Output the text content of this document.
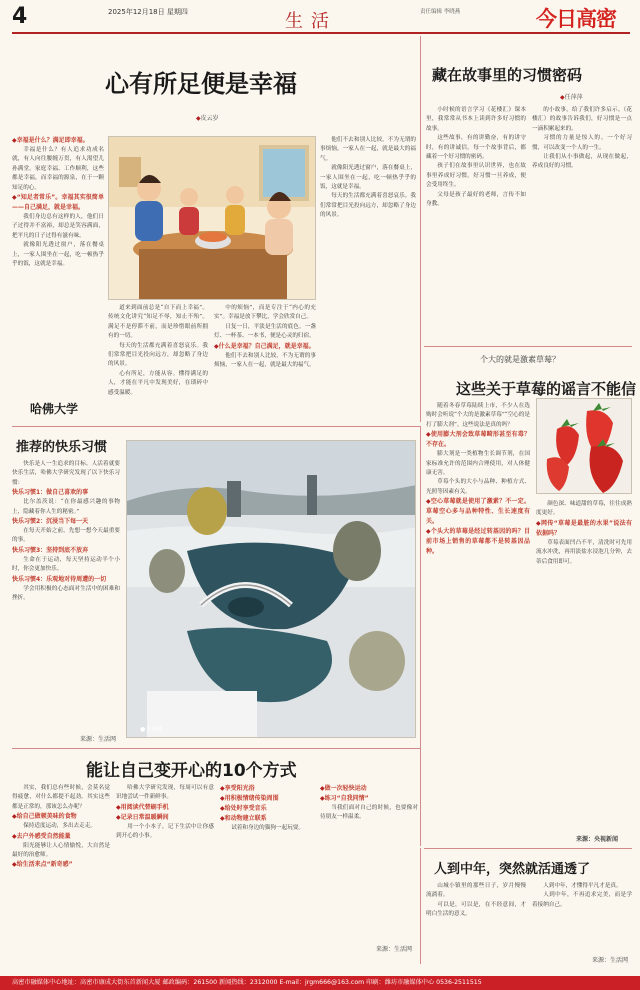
4	2025年12月18日 星期四	生活	责任编辑 李晓燕	今日高密
心有所足便是幸福
◆皮云岁
◆幸福是什么？满足即幸福。

幸福是什么？有人追求功成名就，有人向往腰缠万贯，有人渴望儿孙满堂。家庭幸福、工作顺利，这些都是幸福，而幸福的源泉，在于一颗知足的心。

◆“知足者常乐”。幸福其实很简单——自己满足，就是幸福。

我们身边总有这样的人，他们日子过得并不富裕，却总是笑容满面，把平凡的日子过得有滋有味。

就像阳光透过窗户，落在餐桌上，一家人围坐在一起，吃一顿热乎乎的饭，这就是幸福。

道来到面前总是“自下而上幸福”。传统文化讲究“知足不辱，知止不殆”。满足不是停滞不前，而是珍惜眼前所拥有的一切。

每天的生活都充满着喜怒哀乐。我们常常把目光投向远方，却忽略了身边的风景。

心有所足，方能从容。懂得满足的人，才能在平凡中发现美好，在琐碎中感受温暖。

中的烦恼”，而是专注于“内心的充实”。幸福是放下攀比，学会欣赏自己。

日复一日，平淡是生活的底色。一盏灯、一杯茶、一本书，便是心灵的归宿。

◆什么是幸福？自己满足，就是幸福。

他们不去和别人比较，不为无谓的事烦恼，一家人在一起，就是最大的福气。

他们不去和别人比较，不为无谓的事烦恼，一家人在一起，就是最大的福气。

就像阳光透过窗户，落在餐桌上，一家人围坐在一起，吃一顿热乎乎的饭，这就是幸福。

每天的生活都充满着喜怒哀乐。我们常常把目光投向远方，却忽略了身边的风景。

藏在故事里的习惯密码
◆任萍萍

小时候的语言学习《花楼汇》课本里，我常常从书本上读到许多好习惯的故事。

这些故事，有的讲勤奋，有的讲守时，有的讲诚信。每一个故事背后，都藏着一个好习惯的密码。

孩子们在故事里认识世界，也在故事里养成好习惯。好习惯一旦养成，便会受用终生。

父母是孩子最好的老师，言传不如身教。

的小故事，给了我们许多启示。（花楼汇）的故事告诉我们，好习惯是一点一滴积累起来的。

习惯的力量是惊人的。一个好习惯，可以改变一个人的一生。

让我们从小事做起，从现在做起，养成良好的习惯。

个大的就是激素草莓？
这些关于草莓的谣言不能信

随着冬春草莓陆续上市，不少人在选购时会听说“个大的是激素草莓”“空心的是打了膨大剂”。这些说法是真的吗？

◆使用膨大剂会致草莓畸形甚至有毒？不存在。

膨大剂是一类植物生长调节剂，在国家标准允许的范围内合理使用，对人体健康无害。

草莓个头的大小与品种、种植方式、光照等因素有关。

◆空心草莓就是使用了激素？不一定。草莓空心多与品种特性、生长速度有关。
◆个头大的草莓是经过转基因的吗？目前市场上销售的草莓都不是转基因品种。

颜色深、味道甜的草莓，往往成熟度更好。

◆网传“草莓是最脏的水果”说法有依据吗？

草莓表面凹凸不平，清洗时可先用流水冲洗，再用淡盐水浸泡几分钟，去蒂后食用即可。

来源：央视新闻
哈佛大学
推荐的快乐习惯

快乐是人一生追求的目标。人活着就要快乐生活，哈佛大学研究发现了以下快乐习惯：

快乐习惯1：做自己喜欢的事

比尔盖茨说：“在你最感兴趣的事物上，隐藏着你人生的秘密。”

快乐习惯2：沉浸当下每一天

在每天开始之前，先想一想今天最重要的事。

快乐习惯3：坚持到底不放弃

生命在于运动，每天坚持运动半个小时，你会更加快乐。

快乐习惯4：乐观地对待周遭的一切

学会用积极的心态面对生活中的困难和挫折。

来源：生活网
●王海摄
能让自己变开心的10个方式

其实，我们总有些时候，会莫名觉得疲惫，对什么都提不起劲。其实这些都是正常的，那该怎么办呢？

◆给自己做顿美味的食物

保持适度运动，多出去走走。

◆去户外感受自然能量

阳光能够让人心情愉悦，大自然是最好的治愈师。

◆给生活来点“新奇感”

哈佛大学研究发现，每周可以有意识地尝试一件新鲜事。

◆用阅读代替刷手机
◆记录日常温暖瞬间

用一个小本子，记下生活中让你感到开心的小事。

◆享受阳光浴
◆用积极情绪传染周围
◆给处时享受音乐
◆和动物建立联系

试着和身边的猫狗一起玩耍。

◆做一次轻快运动
◆练习“自我同情”

当我们面对自己的时候，也要像对待朋友一样温柔。

来源：生活网
人到中年，突然就活通透了

山城小镇里的那些日子，岁月慢慢流淌着。

可以是，可以是，在不经意间，才明白生活的意义。

人到中年，才懂得平凡才是真。

人到中年，不再追求完美，而是学着接纳自己。

来源：生活网
高密市融媒体中心地址：高密市康成大街东首新闻大厦 邮政编码：261500 新闻热线：2312000 E-mail：jrgm666@163.com 印刷：潍坊市融媒体中心 0536-2511515
